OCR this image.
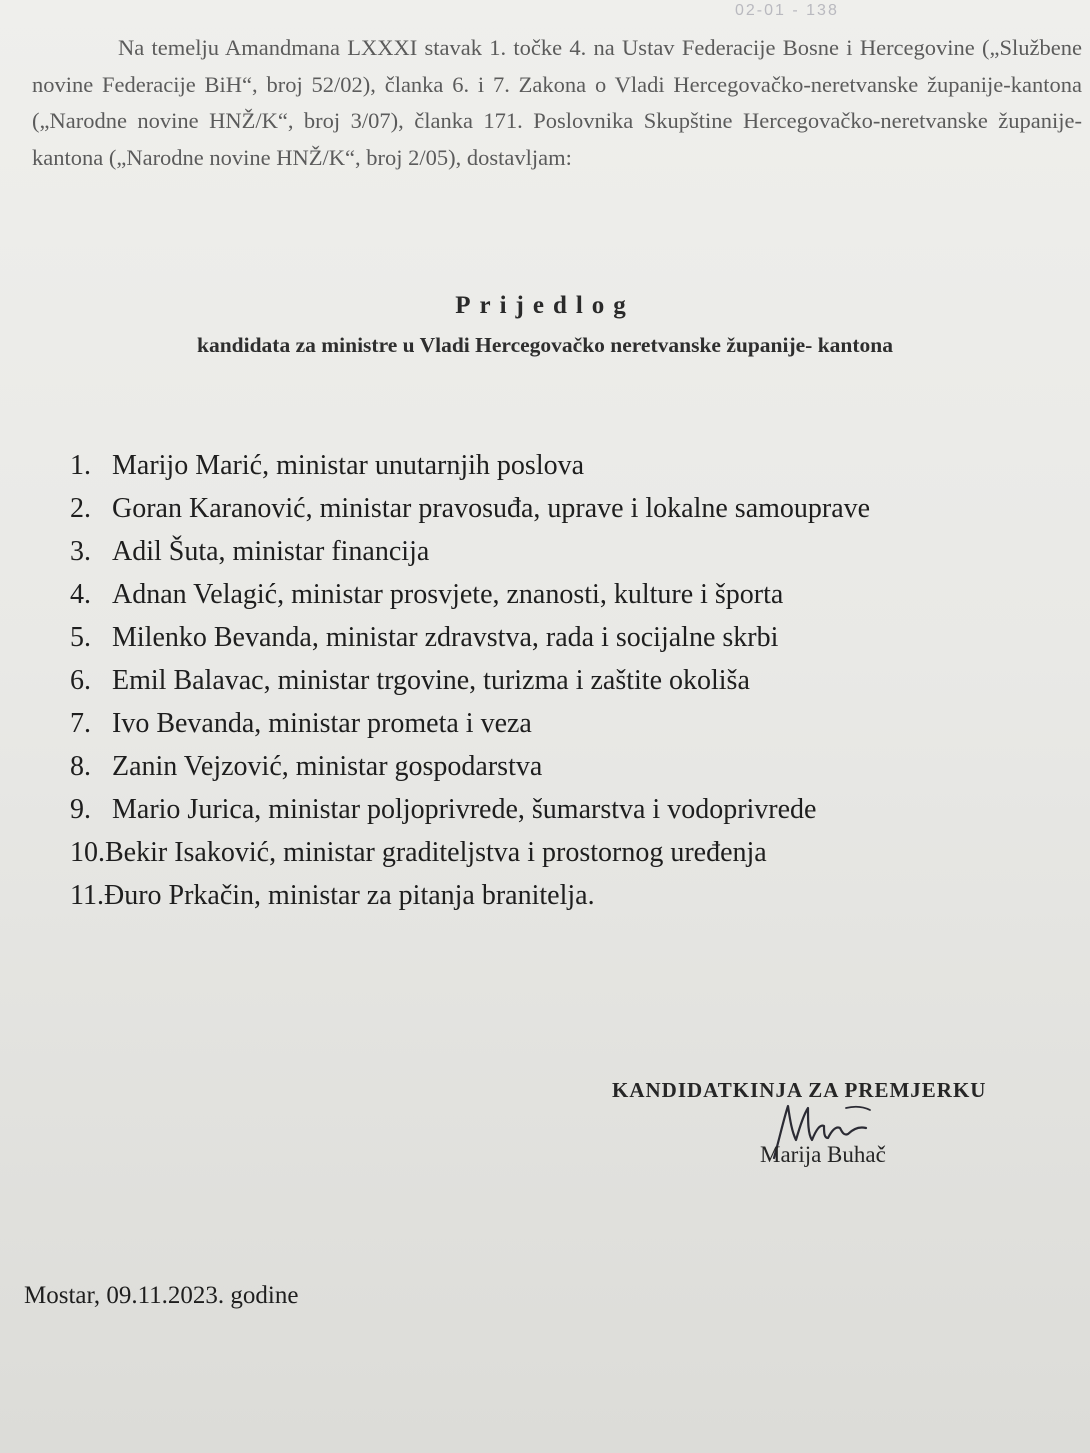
02-01 - 138

Na temelju Amandmana LXXXI stavak 1. točke 4. na Ustav Federacije Bosne i Hercegovine („Službene novine Federacije BiH“, broj 52/02), članka 6. i 7. Zakona o Vladi Hercegovačko-neretvanske županije-kantona („Narodne novine HNŽ/K“, broj 3/07), članka 171. Poslovnika Skupštine Hercegovačko-neretvanske županije-kantona („Narodne novine HNŽ/K“, broj 2/05), dostavljam:

Prijedlog
kandidata za ministre u Vladi Hercegovačko neretvanske županije- kantona
1. Marijo Marić, ministar unutarnjih poslova
2. Goran Karanović, ministar pravosuđa, uprave i lokalne samouprave
3. Adil Šuta, ministar financija
4. Adnan Velagić, ministar prosvjete, znanosti, kulture i športa
5. Milenko Bevanda, ministar zdravstva, rada i socijalne skrbi
6. Emil Balavac, ministar trgovine, turizma i zaštite okoliša
7. Ivo Bevanda, ministar prometa i veza
8. Zanin Vejzović, ministar gospodarstva
9. Mario Jurica, ministar poljoprivrede, šumarstva i vodoprivrede
10. Bekir Isaković, ministar graditeljstva i prostornog uređenja
11. Đuro Prkačin, ministar za pitanja branitelja.
KANDIDATKINJA ZA PREMJERKU
Marija Buhač
Mostar, 09.11.2023. godine
